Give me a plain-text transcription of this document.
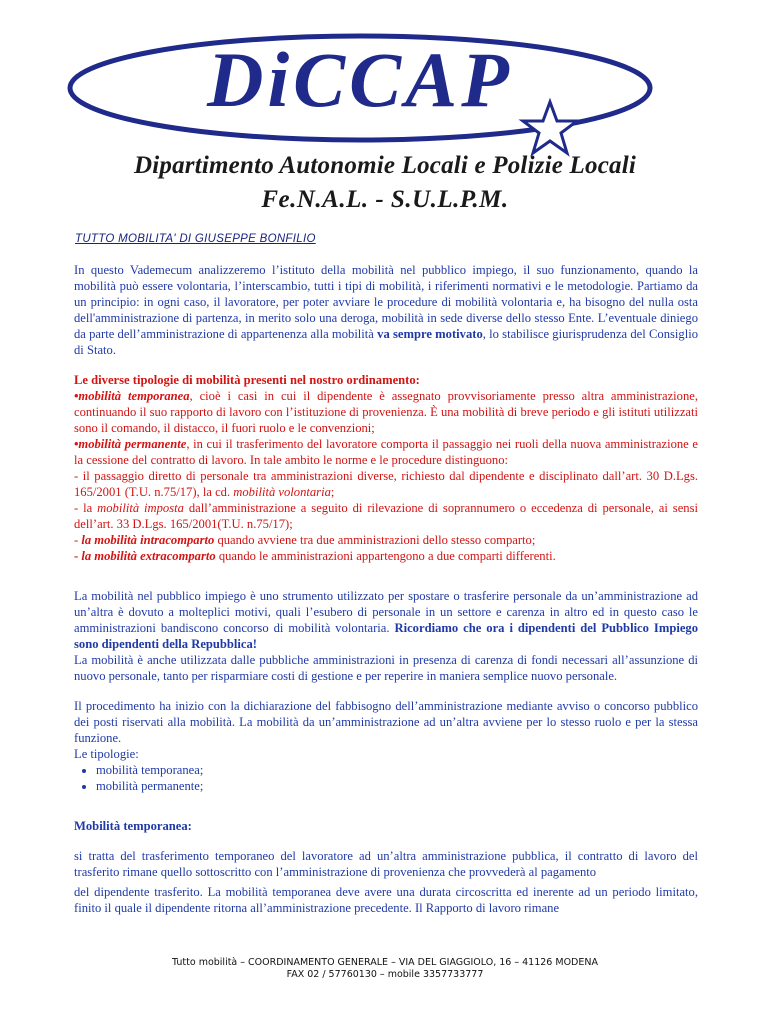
DiCCAP
Dipartimento Autonomie Locali e Polizie Locali
Fe.N.A.L. - S.U.L.P.M.
TUTTO MOBILITA' DI GIUSEPPE BONFILIO

In questo Vademecum analizzeremo l’istituto della mobilità nel pubblico impiego, il suo funzionamento, quando la mobilità può essere volontaria, l’interscambio, tutti i tipi di mobilità, i riferimenti normativi e le metodologie. Partiamo da un principio: in ogni caso, il lavoratore, per poter avviare le procedure di mobilità volontaria e, ha bisogno del nulla osta dell'amministrazione di partenza, in merito solo una deroga, mobilità in sede diverse dello stesso Ente. L’eventuale diniego da parte dell’amministrazione di appartenenza alla mobilità va sempre motivato, lo stabilisce giurisprudenza del Consiglio di Stato.

Le diverse tipologie di mobilità presenti nel nostro ordinamento:

•mobilità temporanea, cioè i casi in cui il dipendente è assegnato provvisoriamente presso altra amministrazione, continuando il suo rapporto di lavoro con l’istituzione di provenienza. È una mobilità di breve periodo e gli istituti utilizzati sono il comando, il distacco, il fuori ruolo e le convenzioni;

•mobilità permanente, in cui il trasferimento del lavoratore comporta il passaggio nei ruoli della nuova amministrazione e la cessione del contratto di lavoro. In tale ambito le norme e le procedure distinguono:

- il passaggio diretto di personale tra amministrazioni diverse, richiesto dal dipendente e disciplinato dall’art. 30 D.Lgs. 165/2001 (T.U. n.75/17), la cd. mobilità volontaria;

- la mobilità imposta dall’amministrazione a seguito di rilevazione di soprannumero o eccedenza di personale, ai sensi dell’art. 33 D.Lgs. 165/2001(T.U. n.75/17);

- la mobilità intracomparto quando avviene tra due amministrazioni dello stesso comparto;

- la mobilità extracomparto quando le amministrazioni appartengono a due comparti differenti.

La mobilità nel pubblico impiego è uno strumento utilizzato per spostare o trasferire personale da un’amministrazione ad un’altra è dovuto a molteplici motivi, quali l’esubero di personale in un settore e carenza in altro ed in questo caso le amministrazioni bandiscono concorso di mobilità volontaria. Ricordiamo che ora i dipendenti del Pubblico Impiego sono dipendenti della Repubblica!

La mobilità è anche utilizzata dalle pubbliche amministrazioni in presenza di carenza di fondi necessari all’assunzione di nuovo personale, tanto per risparmiare costi di gestione e per reperire in maniera semplice nuovo personale.

Il procedimento ha inizio con la dichiarazione del fabbisogno dell’amministrazione mediante avviso o concorso pubblico dei posti riservati alla mobilità. La mobilità da un’amministrazione ad un’altra avviene per lo stesso ruolo e per la stessa funzione.

Le tipologie:

• mobilità temporanea;
• mobilità permanente;

Mobilità temporanea:

si tratta del trasferimento temporaneo del lavoratore ad un’altra amministrazione pubblica, il contratto di lavoro del trasferito rimane quello sottoscritto con l’amministrazione di provenienza che provvederà al pagamento

del dipendente trasferito. La mobilità temporanea deve avere una durata circoscritta ed inerente ad un periodo limitato, finito il quale il dipendente ritorna all’amministrazione precedente. Il Rapporto di lavoro rimane

Tutto mobilità – COORDINAMENTO GENERALE – VIA DEL GIAGGIOLO, 16 – 41126 MODENA
FAX 02 / 57760130 – mobile 3357733777
